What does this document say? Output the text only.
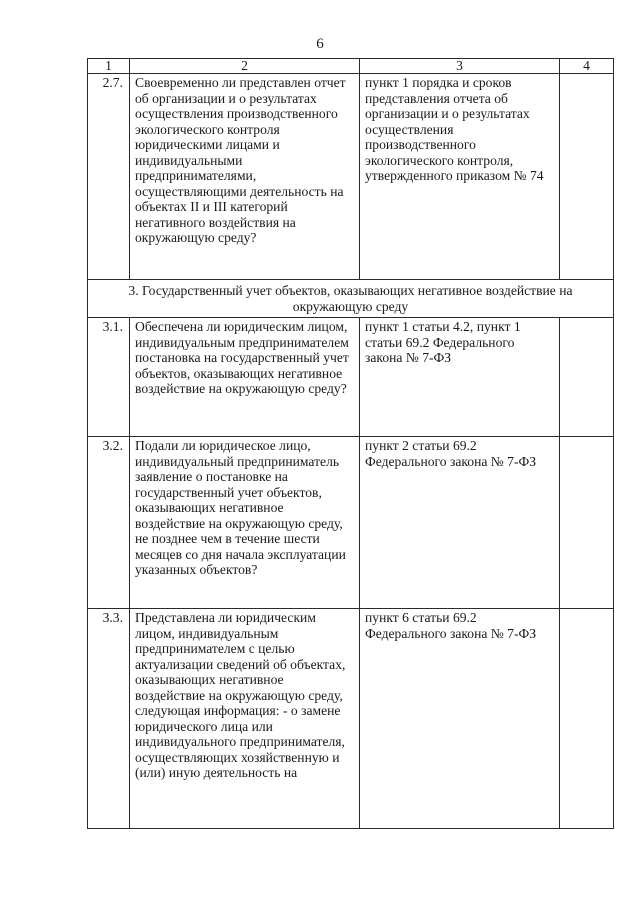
6
1	2	3	4
2.7.	Своевременно ли представлен отчет об организации и о результатах осуществления производственного экологического контроля юридическими лицами и индивидуальными предпринимателями, осуществляющими деятельность на объектах II и III категорий негативного воздействия на окружающую среду?	пункт 1 порядка и сроков представления отчета об организации и о результатах осуществления производственного экологического контроля, утвержденного приказом № 74	
3. Государственный учет объектов, оказывающих негативное воздействие на окружающую среду			
3.1.	Обеспечена ли юридическим лицом, индивидуальным предпринимателем постановка на государственный учет объектов, оказывающих негативное воздействие на окружающую среду?	пункт 1 статьи 4.2, пункт 1 статьи 69.2 Федерального закона № 7-ФЗ	
3.2.	Подали ли юридическое лицо, индивидуальный предприниматель заявление о постановке на государственный учет объектов, оказывающих негативное воздействие на окружающую среду, не позднее чем в течение шести месяцев со дня начала эксплуатации указанных объектов?	пункт 2 статьи 69.2 Федерального закона № 7-ФЗ	
3.3.	Представлена ли юридическим лицом, индивидуальным предпринимателем с целью актуализации сведений об объектах, оказывающих негативное воздействие на окружающую среду, следующая информация: - о замене юридического лица или индивидуального предпринимателя, осуществляющих хозяйственную и (или) иную деятельность на	пункт 6 статьи 69.2 Федерального закона № 7-ФЗ	
